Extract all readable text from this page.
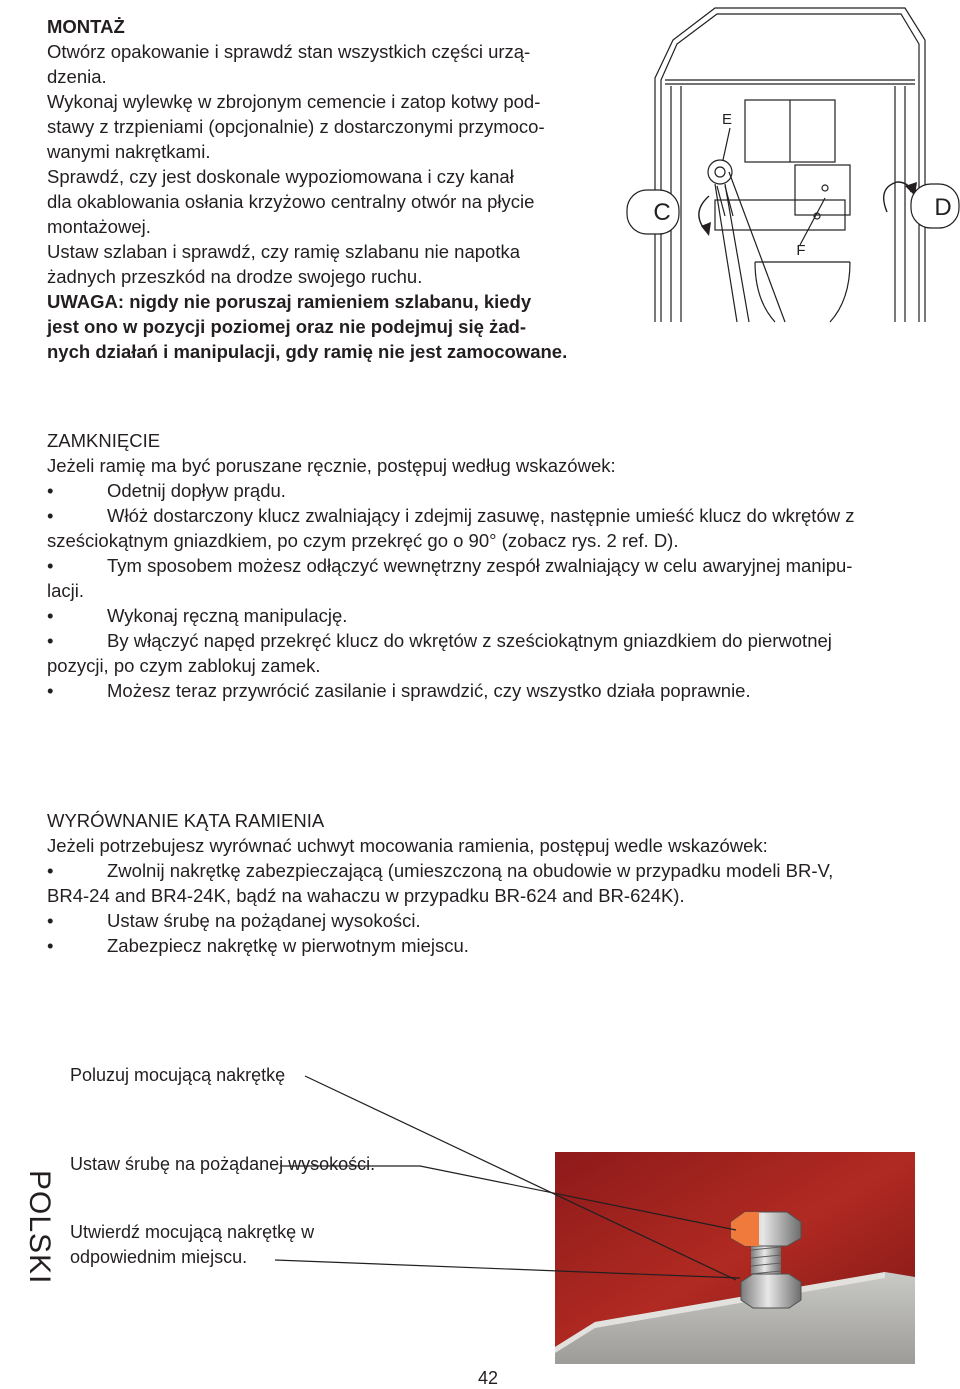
MONTAŻ
Otwórz opakowanie i sprawdź stan wszystkich części urzą-
dzenia.
Wykonaj wylewkę w zbrojonym cemencie i zatop kotwy pod-
stawy z trzpieniami (opcjonalnie) z dostarczonymi przymoco-
wanymi nakrętkami.
Sprawdź, czy jest doskonale wypoziomowana i czy kanał
dla okablowania osłania krzyżowo centralny otwór na płycie
montażowej.
Ustaw szlaban i sprawdź, czy ramię szlabanu nie napotka
żadnych przeszkód na drodze swojego ruchu.
UWAGA: nigdy nie poruszaj ramieniem szlabanu, kiedy
jest ono w pozycji poziomej oraz nie podejmuj się żad-
nych działań i manipulacji, gdy ramię nie jest zamocowane.
C	D
E
F
ZAMKNIĘCIE
Jeżeli ramię ma być poruszane ręcznie, postępuj według wskazówek:
•	Odetnij dopływ prądu.
•	Włóż dostarczony klucz zwalniający i zdejmij zasuwę, następnie umieść klucz do wkrętów z
sześciokątnym gniazdkiem, po czym przekręć go o 90° (zobacz rys. 2 ref. D).
•	Tym sposobem możesz odłączyć wewnętrzny zespół zwalniający w celu awaryjnej manipu-
lacji.
•	Wykonaj ręczną manipulację.
•	By włączyć napęd przekręć klucz do wkrętów z sześciokątnym gniazdkiem do pierwotnej
pozycji, po czym zablokuj zamek.
•	Możesz teraz przywrócić zasilanie i sprawdzić, czy wszystko działa poprawnie.
WYRÓWNANIE KĄTA RAMIENIA
Jeżeli potrzebujesz wyrównać uchwyt mocowania ramienia, postępuj wedle wskazówek:
•	Zwolnij nakrętkę zabezpieczającą (umieszczoną na obudowie w przypadku modeli BR-V,
BR4-24 and BR4-24K, bądź na wahaczu w przypadku BR-624 and BR-624K).
•	Ustaw śrubę na pożądanej wysokości.
•	Zabezpiecz nakrętkę w pierwotnym miejscu.
Poluzuj mocującą nakrętkę
Ustaw śrubę na pożądanej wysokości.
Utwierdź mocującą nakrętkę w
odpowiednim miejscu.
POLSKI
42
